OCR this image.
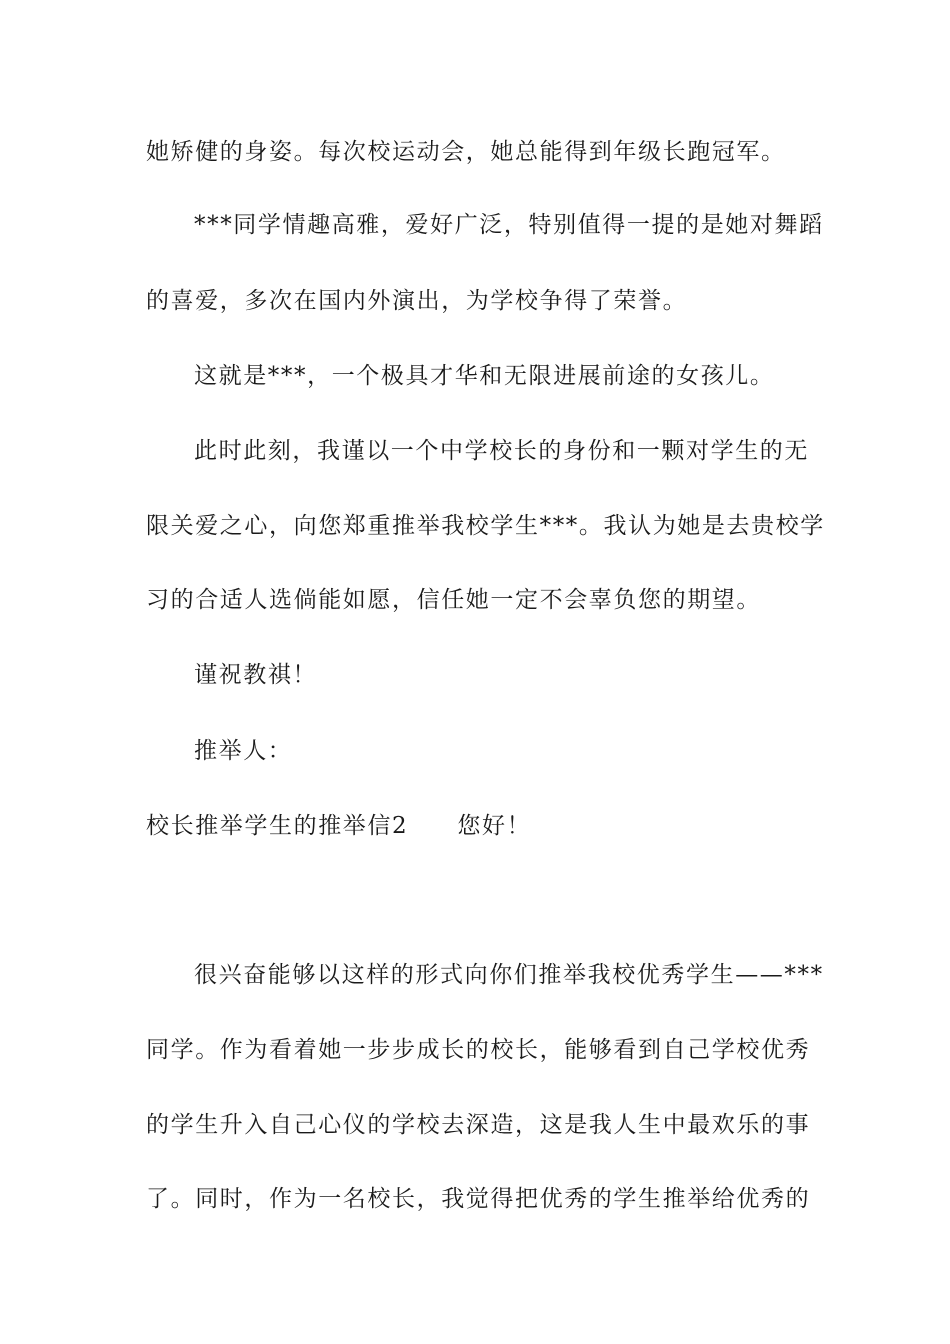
她矫健的身姿。每次校运动会，她总能得到年级长跑冠军。
***同学情趣高雅，爱好广泛，特别值得一提的是她对舞蹈
的喜爱，多次在国内外演出，为学校争得了荣誉。
这就是***，一个极具才华和无限进展前途的女孩儿。
此时此刻，我谨以一个中学校长的身份和一颗对学生的无
限关爱之心，向您郑重推举我校学生***。我认为她是去贵校学
习的合适人选倘能如愿，信任她一定不会辜负您的期望。
谨祝教祺！
推举人：
校长推举学生的推举信2　　您好！
很兴奋能够以这样的形式向你们推举我校优秀学生——***
同学。作为看着她一步步成长的校长，能够看到自己学校优秀
的学生升入自己心仪的学校去深造，这是我人生中最欢乐的事
了。同时，作为一名校长，我觉得把优秀的学生推举给优秀的
